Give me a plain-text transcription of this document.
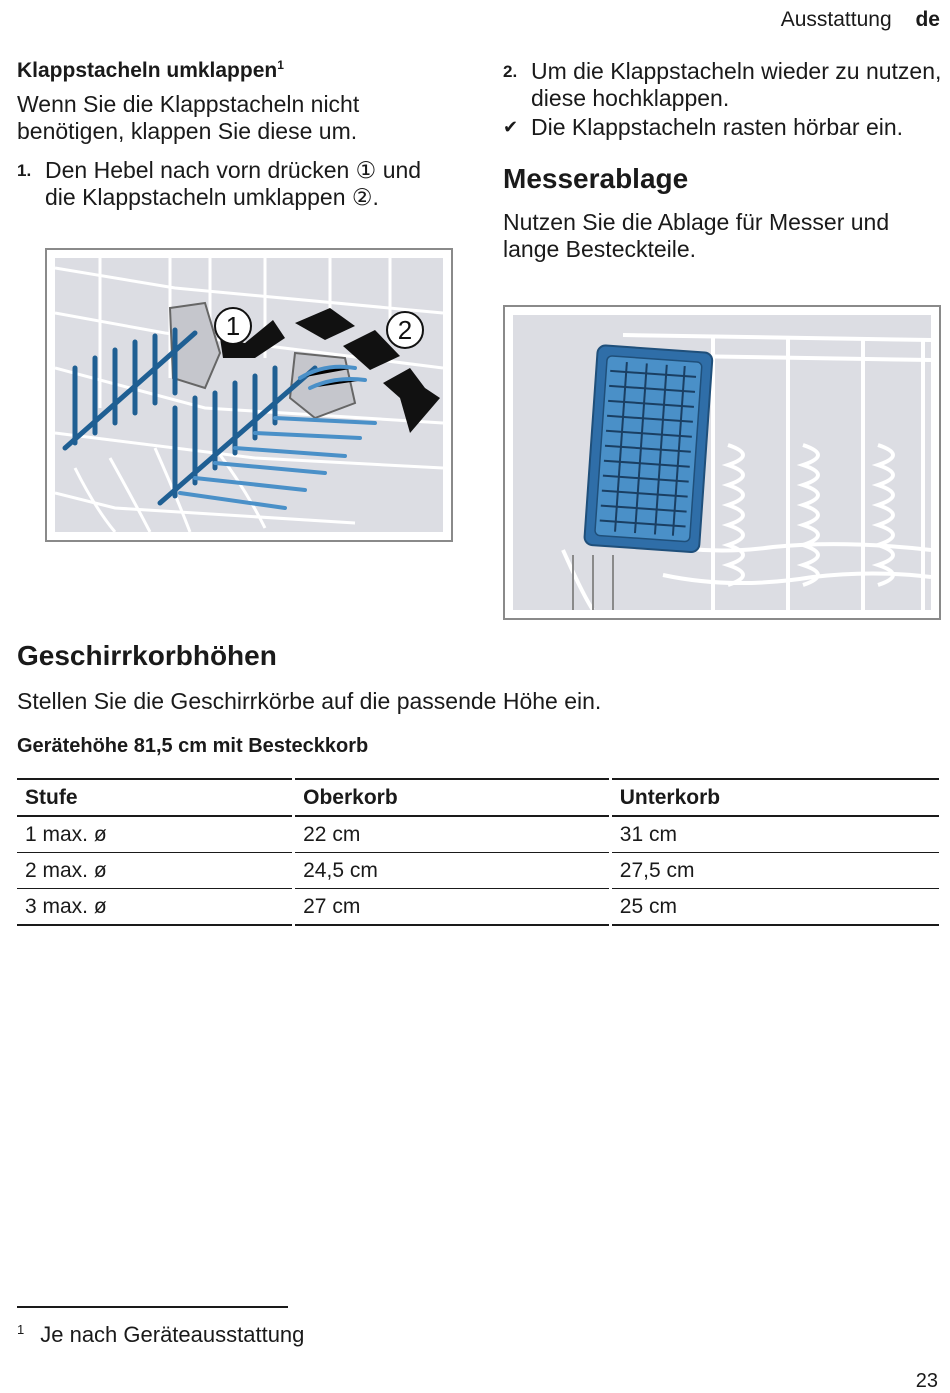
Ausstattung de
Klappstacheln umklappen$^1$

Wenn Sie die Klappstacheln nicht benötigen, klappen Sie diese um.

1. Den Hebel nach vorn drücken ① und die Klappstacheln umklappen ②.
1	2
2. Um die Klappstacheln wieder zu nutzen, diese hochklappen.
✔ Die Klappstacheln rasten hörbar ein.
Messerablage

Nutzen Sie die Ablage für Messer und lange Besteckteile.

Geschirrkorbhöhen

Stellen Sie die Geschirrkörbe auf die passende Höhe ein.

Gerätehöhe 81,5 cm mit Besteckkorb
Stufe	Oberkorb	Unterkorb
1 max. ø	22 cm	31 cm
2 max. ø	24,5 cm	27,5 cm
3 max. ø	27 cm	25 cm
$^1$ Je nach Geräteausstattung
23
